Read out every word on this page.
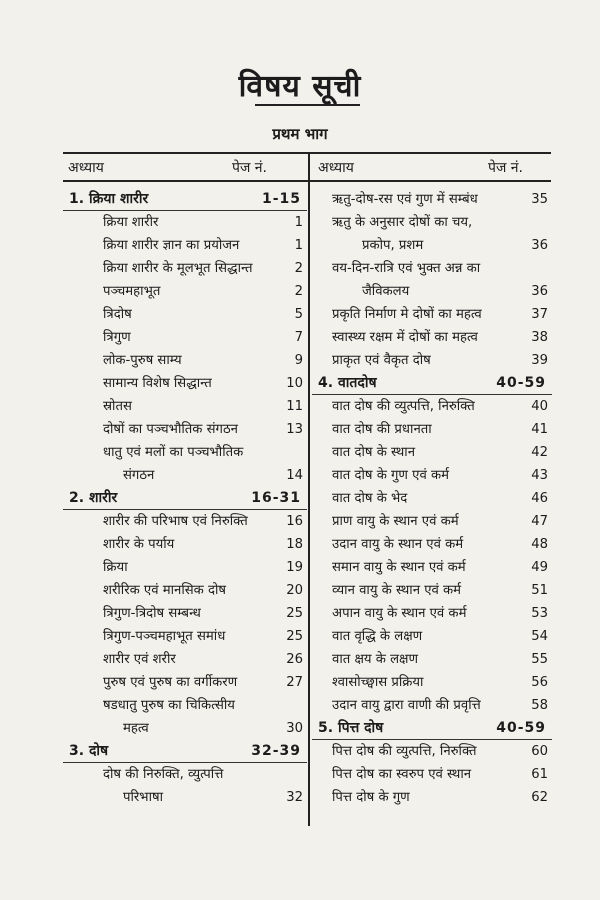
विषय सूची
प्रथम भाग
अध्याय	पेज नं.	अध्याय	पेज नं.
1. क्रिया शारीर	1-15
क्रिया शारीर	1
क्रिया शारीर ज्ञान का प्रयोजन	1
क्रिया शारीर के मूलभूत सिद्धान्त	2
पञ्चमहाभूत	2
त्रिदोष	5
त्रिगुण	7
लोक-पुरुष साम्य	9
सामान्य विशेष सिद्धान्त	10
स्रोतस	11
दोषों का पञ्चभौतिक संगठन	13
धातु एवं मलों का पञ्चभौतिक
संगठन	14
2. शारीर	16-31
शारीर की परिभाष एवं निरुक्ति	16
शारीर के पर्याय	18
क्रिया	19
शरीरिक एवं मानसिक दोष	20
त्रिगुण-त्रिदोष सम्बन्ध	25
त्रिगुण-पञ्चमहाभूत समांध	25
शारीर एवं शरीर	26
पुरुष एवं पुरुष का वर्गीकरण	27
षडधातु पुरुष का चिकित्सीय
महत्व	30
3. दोष	32-39
दोष की निरुक्ति, व्युत्पत्ति
परिभाषा	32
ऋतु-दोष-रस एवं गुण में सम्बंध	35
ऋतु के अनुसार दोषों का चय,
प्रकोप, प्रशम	36
वय-दिन-रात्रि एवं भुक्त अन्न का
जैविकलय	36
प्रकृति निर्माण मे दोषों का महत्व	37
स्वास्थ्य रक्षम में दोषों का महत्व	38
प्राकृत एवं वैकृत दोष	39
4. वातदोष	40-59
वात दोष की व्युत्पत्ति, निरुक्ति	40
वात दोष की प्रधानता	41
वात दोष के स्थान	42
वात दोष के गुण एवं कर्म	43
वात दोष के भेद	46
प्राण वायु के स्थान एवं कर्म	47
उदान वायु के स्थान एवं कर्म	48
समान वायु के स्थान एवं कर्म	49
व्यान वायु के स्थान एवं कर्म	51
अपान वायु के स्थान एवं कर्म	53
वात वृद्धि के लक्षण	54
वात क्षय के लक्षण	55
श्वासोच्छ्वास प्रक्रिया	56
उदान वायु द्वारा वाणी की प्रवृत्ति	58
5. पित्त दोष	40-59
पित्त दोष की व्युत्पत्ति, निरुक्ति	60
पित्त दोष का स्वरुप एवं स्थान	61
पित्त दोष के गुण	62
